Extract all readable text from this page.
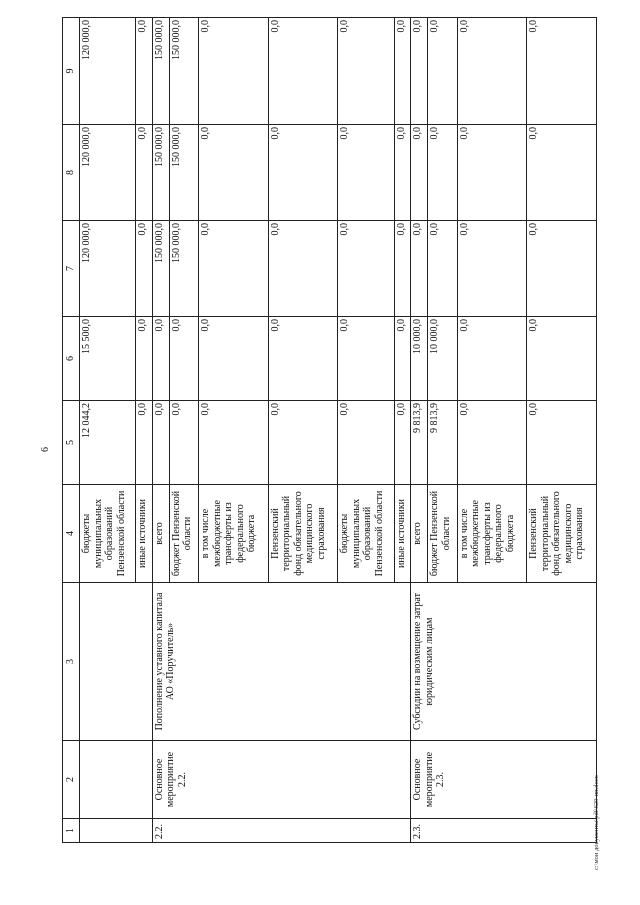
6
c:\мои документы\pdf\629-пп.docx
1	2	3	4	5	6	7	8	9
			бюджеты муниципальных образований Пензенской области	12 044,2	15 500,0	120 000,0	120 000,0	120 000,0
			иные источники	0,0	0,0	0,0	0,0	0,0
2.2.	Основное мероприятие 2.2.	Пополнение уставного капитала АО «Поручитель»	всего	0,0	0,0	150 000,0	150 000,0	150 000,0
			бюджет Пензенской области	0,0	0,0	150 000,0	150 000,0	150 000,0
			в том числе межбюджетные трансферты из федерального бюджета	0,0	0,0	0,0	0,0	0,0
			Пензенский территориальный фонд обязательного медицинского страхования	0,0	0,0	0,0	0,0	0,0
			бюджеты муниципальных образований Пензенской области	0,0	0,0	0,0	0,0	0,0
			иные источники	0,0	0,0	0,0	0,0	0,0
2.3.	Основное мероприятие 2.3.	Субсидии на возмещение затрат юридическим лицам	всего	9 813,9	10 000,0	0,0	0,0	0,0
			бюджет Пензенской области	9 813,9	10 000,0	0,0	0,0	0,0
			в том числе межбюджетные трансферты из федерального бюджета	0,0	0,0	0,0	0,0	0,0
			Пензенский территориальный фонд обязательного медицинского страхования	0,0	0,0	0,0	0,0	0,0
